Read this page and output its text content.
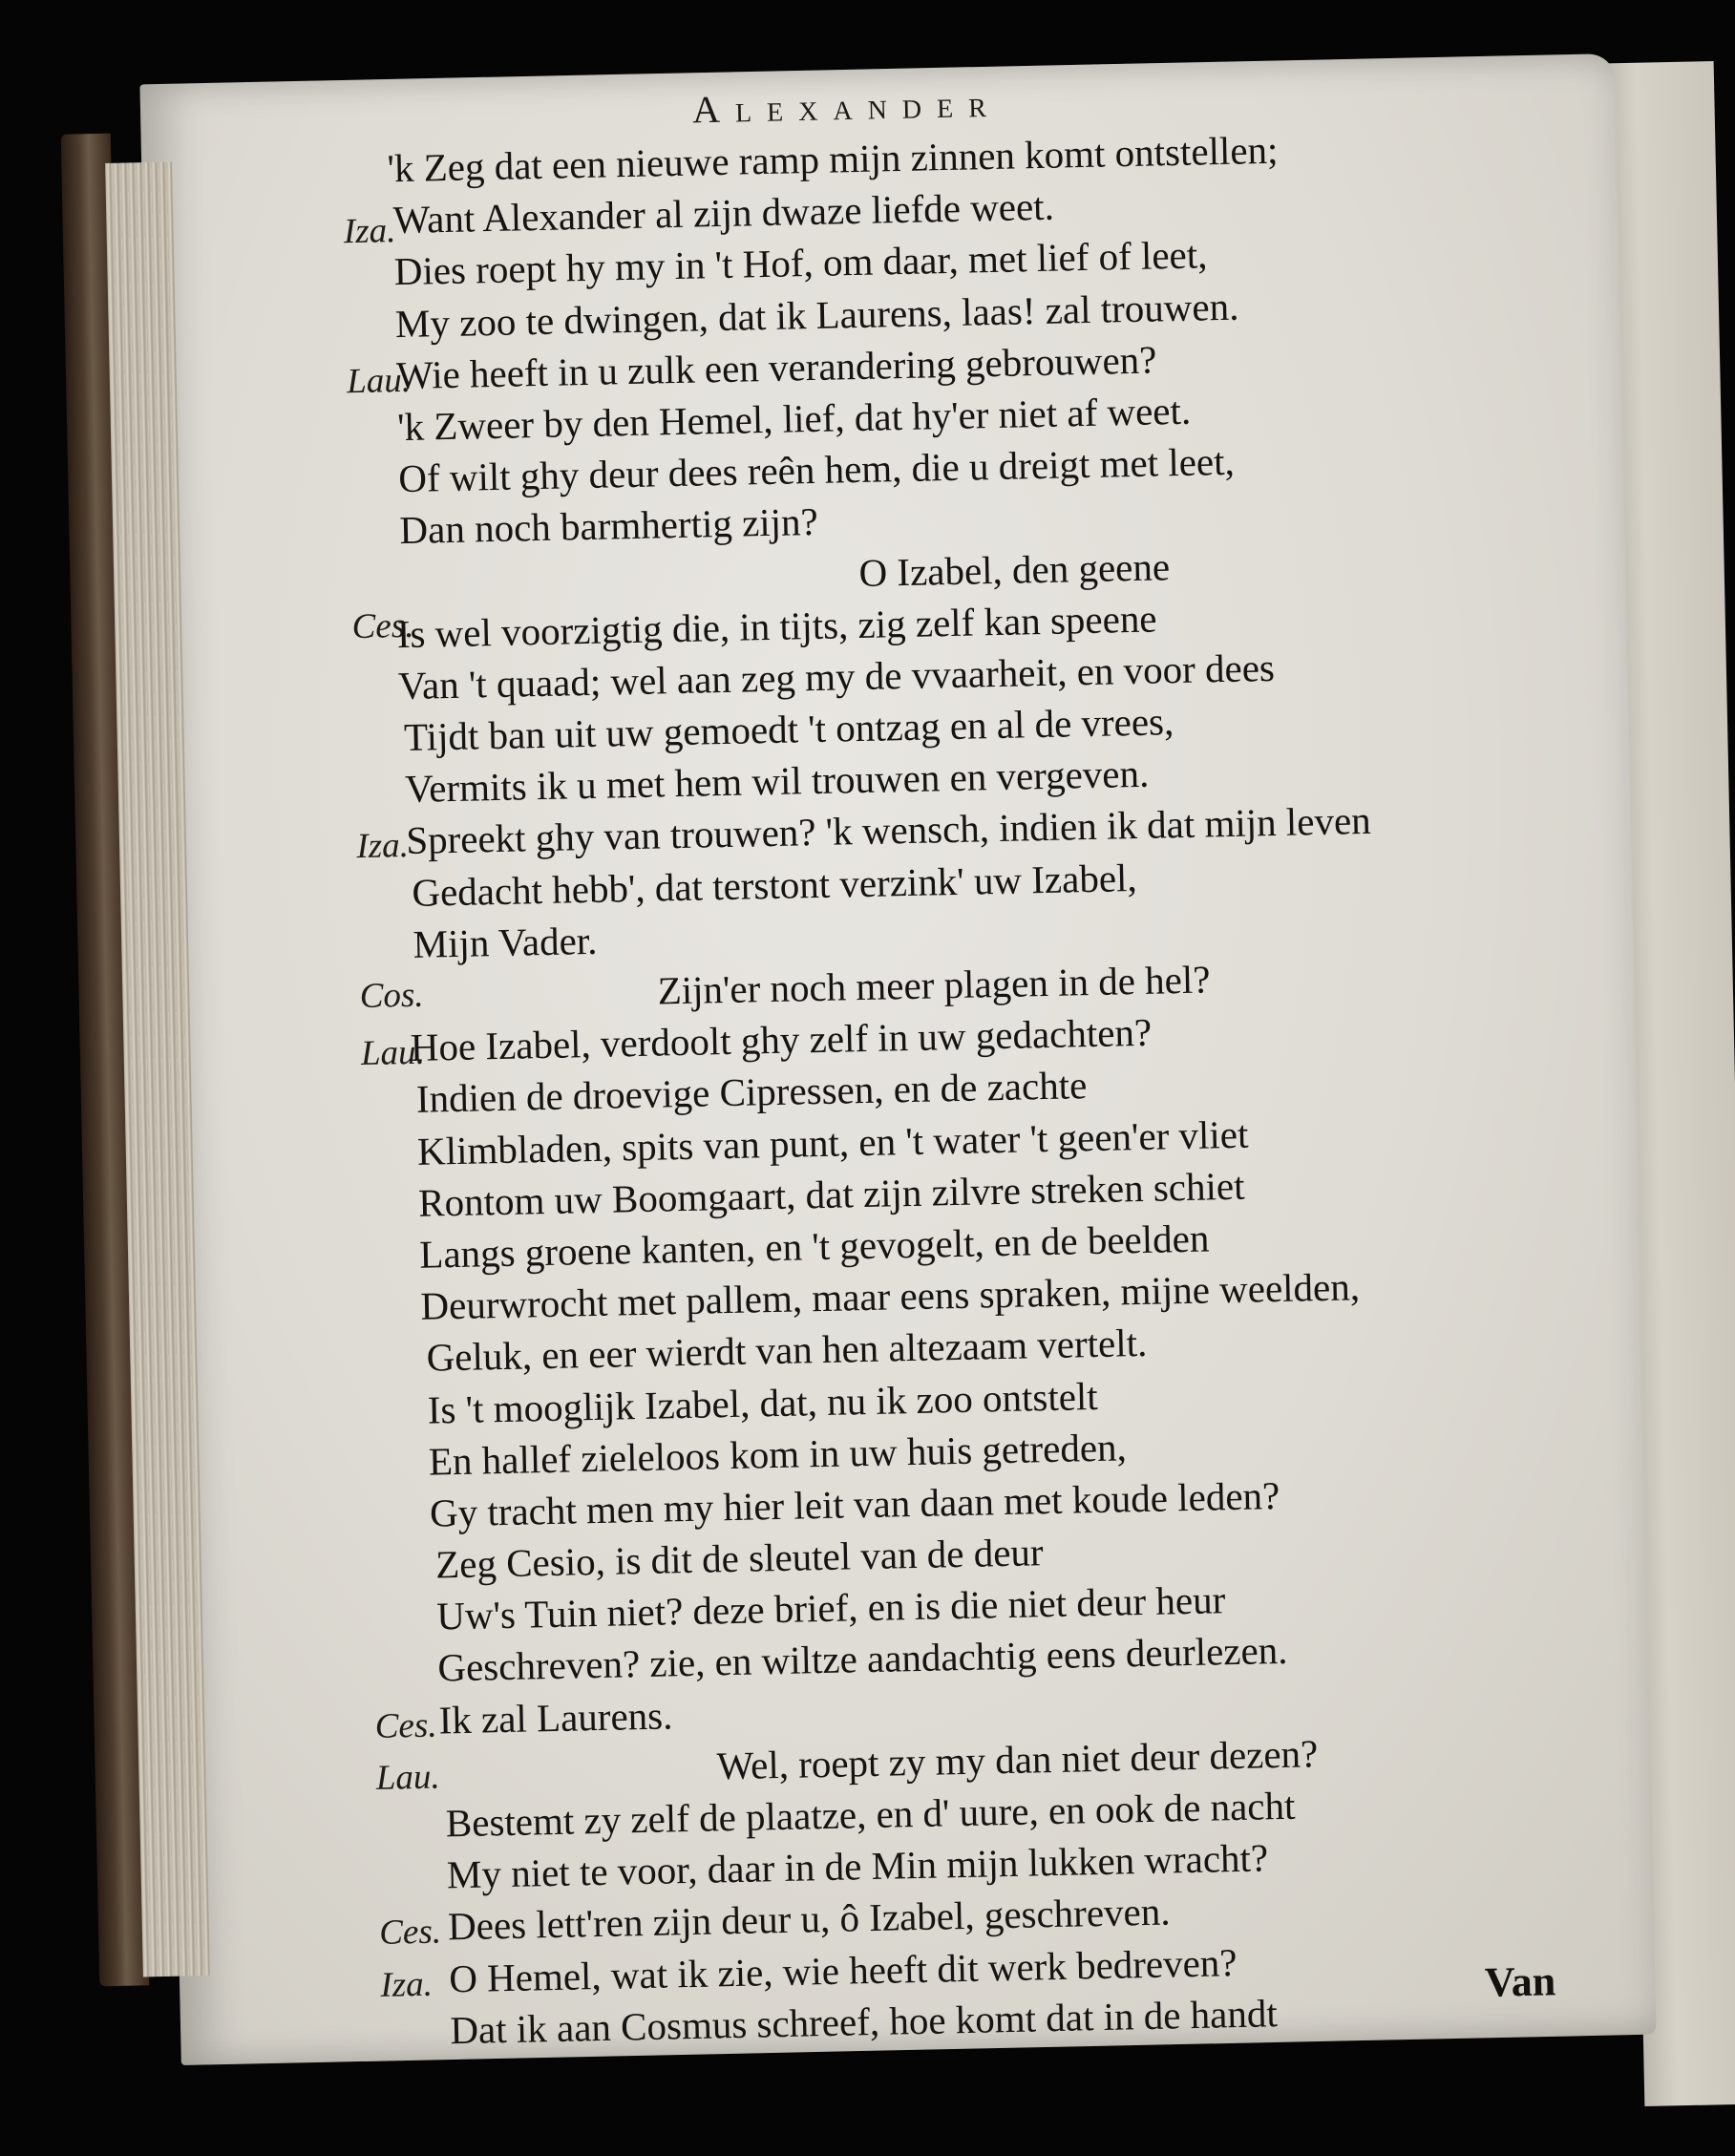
Alexander
'k Zeg dat een nieuwe ramp mijn zinnen komt ontstellen;
Iza.
Want Alexander al zijn dwaze liefde weet.
Dies roept hy my in 't Hof, om daar, met lief of leet,
My zoo te dwingen, dat ik Laurens, laas! zal trouwen.
Lau.
Wie heeft in u zulk een verandering gebrouwen?
'k Zweer by den Hemel, lief, dat hy'er niet af weet.
Of wilt ghy deur dees reên hem, die u dreigt met leet,
Dan noch barmhertig zijn?
O Izabel, den geene
Ces.
Is wel voorzigtig die, in tijts, zig zelf kan speene
Van 't quaad; wel aan zeg my de vvaarheit, en voor dees
Tijdt ban uit uw gemoedt 't ontzag en al de vrees,
Vermits ik u met hem wil trouwen en vergeven.
Iza.
Spreekt ghy van trouwen? 'k wensch, indien ik dat mijn leven
Gedacht hebb', dat terstont verzink' uw Izabel,
Mijn Vader.
Cos.	Zijn'er noch meer plagen in de hel?
Lau.
Hoe Izabel, verdoolt ghy zelf in uw gedachten?
Indien de droevige Cipressen, en de zachte
Klimbladen, spits van punt, en 't water 't geen'er vliet
Rontom uw Boomgaart, dat zijn zilvre streken schiet
Langs groene kanten, en 't gevogelt, en de beelden
Deurwrocht met pallem, maar eens spraken, mijne weelden,
Geluk, en eer wierdt van hen altezaam vertelt.
Is 't mooglijk Izabel, dat, nu ik zoo ontstelt
En hallef zieleloos kom in uw huis getreden,
Gy tracht men my hier leit van daan met koude leden?
Zeg Cesio, is dit de sleutel van de deur
Uw's Tuin niet? deze brief, en is die niet deur heur
Geschreven? zie, en wiltze aandachtig eens deurlezen.
Ces. Ik zal Laurens.
Lau.	Wel, roept zy my dan niet deur dezen?
Bestemt zy zelf de plaatze, en d' uure, en ook de nacht
My niet te voor, daar in de Min mijn lukken wracht?
Ces. Dees lett'ren zijn deur u, ô Izabel, geschreven.
Iza. O Hemel, wat ik zie, wie heeft dit werk bedreven?
Dat ik aan Cosmus schreef, hoe komt dat in de handt
Van
